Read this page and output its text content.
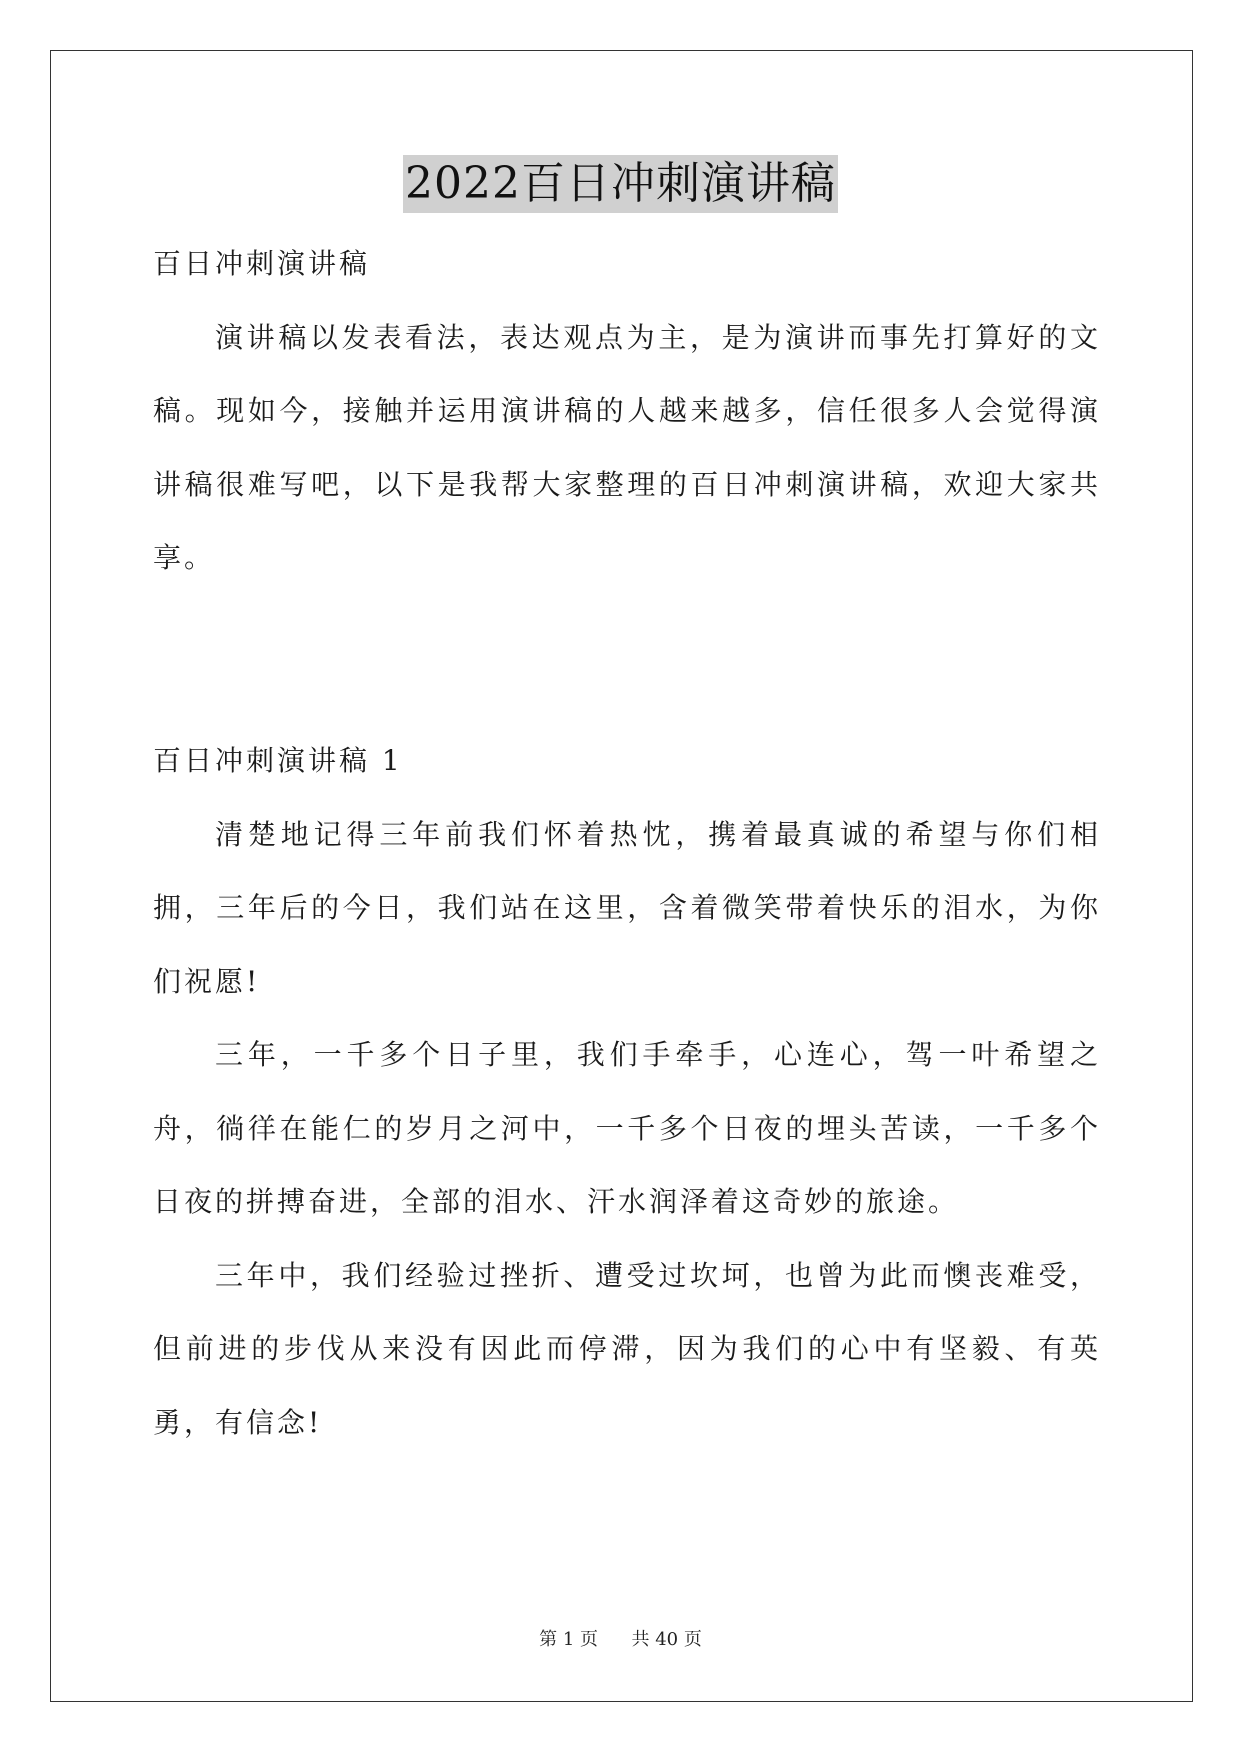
2022百日冲刺演讲稿

百日冲刺演讲稿

演讲稿以发表看法，表达观点为主，是为演讲而事先打算好的文稿。现如今，接触并运用演讲稿的人越来越多，信任很多人会觉得演讲稿很难写吧，以下是我帮大家整理的百日冲刺演讲稿，欢迎大家共享。

百日冲刺演讲稿 1

清楚地记得三年前我们怀着热忱，携着最真诚的希望与你们相拥，三年后的今日，我们站在这里，含着微笑带着快乐的泪水，为你们祝愿!

三年，一千多个日子里，我们手牵手，心连心，驾一叶希望之舟，徜徉在能仁的岁月之河中，一千多个日夜的埋头苦读，一千多个日夜的拼搏奋进，全部的泪水、汗水润泽着这奇妙的旅途。

三年中，我们经验过挫折、遭受过坎坷，也曾为此而懊丧难受，但前进的步伐从来没有因此而停滞，因为我们的心中有坚毅、有英勇，有信念!

第 1 页 共 40 页
